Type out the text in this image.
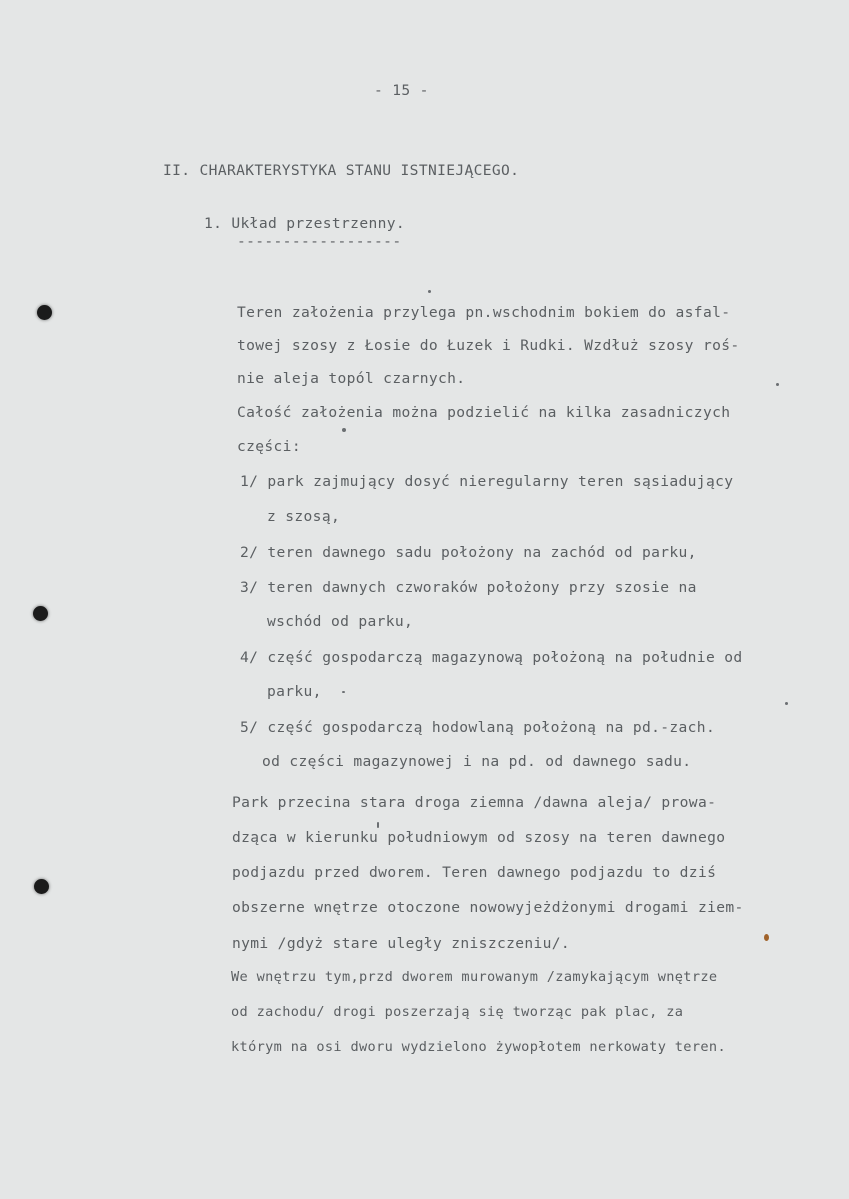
- 15 -
II. CHARAKTERYSTYKA STANU ISTNIEJĄCEGO.
1. Układ przestrzenny.
------------------
Teren założenia przylega pn.wschodnim bokiem do asfal-
towej szosy z Łosie do Łuzek i Rudki. Wzdłuż szosy roś-
nie aleja topól czarnych.
Całość założenia można podzielić na kilka zasadniczych
części:
1/ park zajmujący dosyć nieregularny teren sąsiadujący
z szosą,
2/ teren dawnego sadu położony na zachód od parku,
3/ teren dawnych czworaków położony przy szosie na
wschód od parku,
4/ część gospodarczą magazynową położoną na południe od
parku,
5/ część gospodarczą hodowlaną położoną na pd.-zach.
od części magazynowej i na pd. od dawnego sadu.
Park przecina stara droga ziemna /dawna aleja/ prowa-
dząca w kierunku południowym od szosy na teren dawnego
podjazdu przed dworem. Teren dawnego podjazdu to dziś
obszerne wnętrze otoczone nowowyjeżdżonymi drogami ziem-
nymi /gdyż stare uległy zniszczeniu/.
We wnętrzu tym,przd dworem murowanym /zamykającym wnętrze
od zachodu/ drogi poszerzają się tworząc pak plac, za
którym na osi dworu wydzielono żywopłotem nerkowaty teren.
